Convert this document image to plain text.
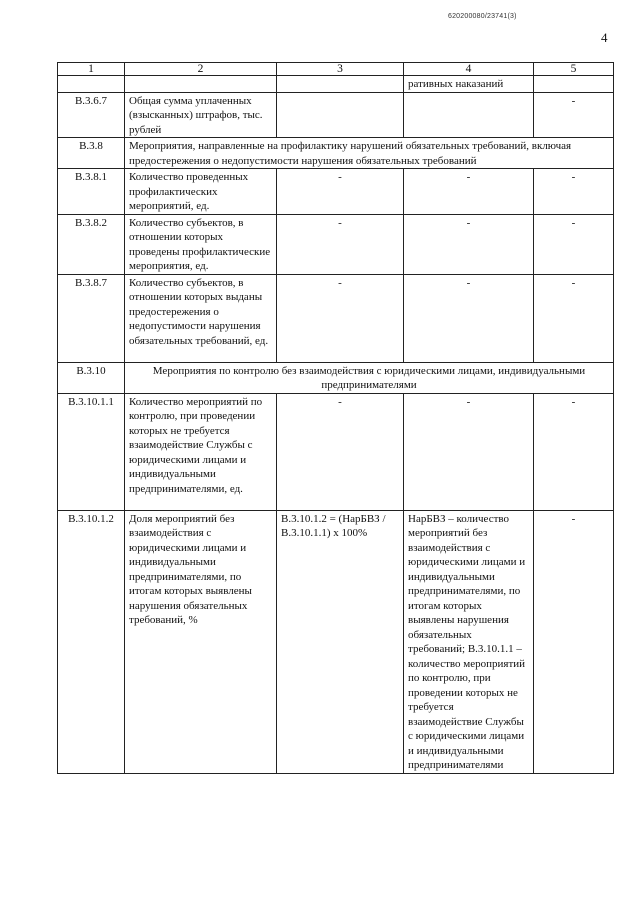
620200080/23741(3)
4
1	2	3	4	5
			ративных наказаний	
В.3.6.7	Общая сумма уплаченных (взысканных) штрафов, тыс. рублей			-
В.3.8	Мероприятия, направленные на профилактику нарушений обязательных требований, включая предостережения о недопустимости нарушения обязательных требований			
В.3.8.1	Количество проведенных профилактических мероприятий, ед.	-	-	-
В.3.8.2	Количество субъектов, в отношении которых проведены профилактические мероприятия, ед.	-	-	-
В.3.8.7	Количество субъектов, в отношении которых выданы предостережения о недопустимости нарушения обязательных требований, ед.	-	-	-
В.3.10	Мероприятия по контролю без взаимодействия с юридическими лицами, индивидуальными предпринимателями			
В.3.10.1.1	Количество мероприятий по контролю, при проведении которых не требуется взаимодействие Службы с юридическими лицами и индивидуальными предпринимателями, ед.	-	-	-
В.3.10.1.2	Доля мероприятий без взаимодействия с юридическими лицами и индивидуальными предпринимателями, по итогам которых выявлены нарушения обязательных требований, %	В.3.10.1.2 = (НарБВЗ / В.3.10.1.1) х 100%	НарБВЗ – количество мероприятий без взаимодействия с юридическими лицами и индивидуальными предпринимателями, по итогам которых выявлены нарушения обязательных требований; В.3.10.1.1 – количество мероприятий по контролю, при проведении которых не требуется взаимодействие Службы с юридическими лицами и индивидуальными предпринимателями	-
